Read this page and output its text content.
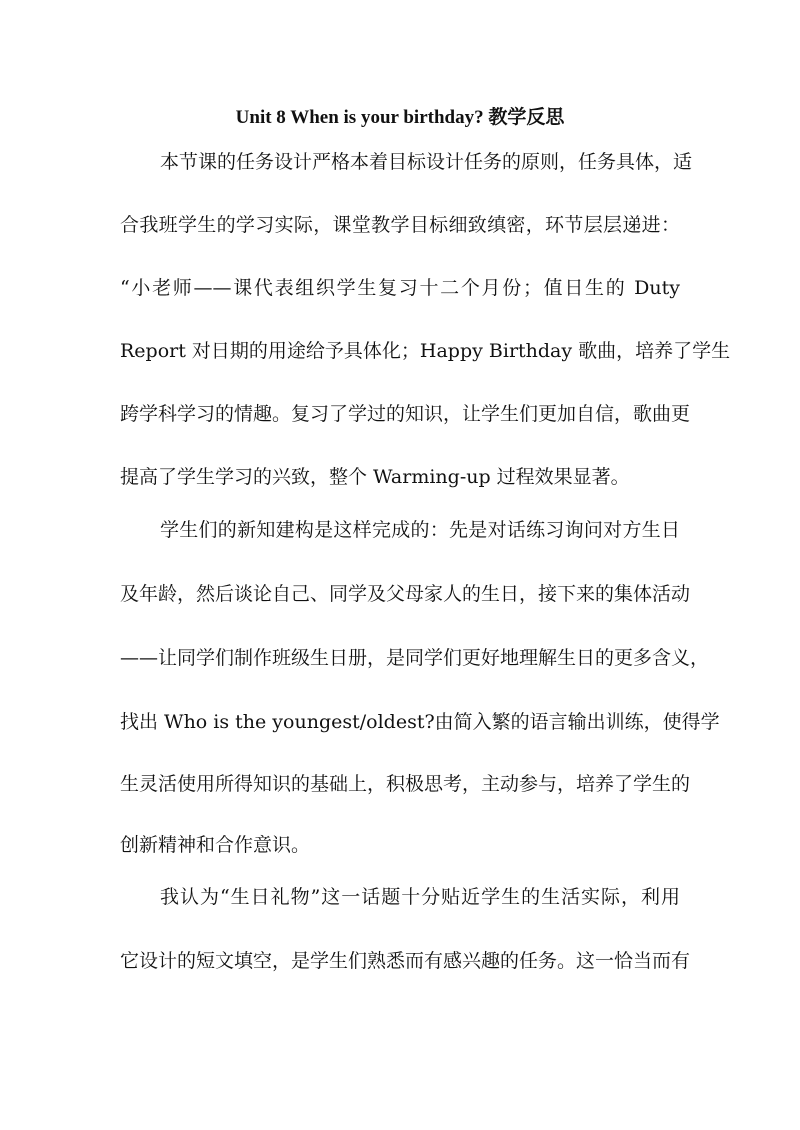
Unit 8 When is your birthday? 教学反思
本节课的任务设计严格本着目标设计任务的原则，任务具体，适
合我班学生的学习实际，课堂教学目标细致缜密，环节层层递进：
“小老师——课代表组织学生复习十二个月份；值日生的 Duty
Report 对日期的用途给予具体化；Happy Birthday 歌曲，培养了学生
跨学科学习的情趣。复习了学过的知识，让学生们更加自信，歌曲更
提高了学生学习的兴致，整个 Warming-up 过程效果显著。
学生们的新知建构是这样完成的：先是对话练习询问对方生日
及年龄，然后谈论自己、同学及父母家人的生日，接下来的集体活动
——让同学们制作班级生日册，是同学们更好地理解生日的更多含义，
找出 Who is the youngest/oldest?由简入繁的语言输出训练，使得学
生灵活使用所得知识的基础上，积极思考，主动参与，培养了学生的
创新精神和合作意识。
我认为“生日礼物”这一话题十分贴近学生的生活实际，利用
它设计的短文填空，是学生们熟悉而有感兴趣的任务。这一恰当而有
